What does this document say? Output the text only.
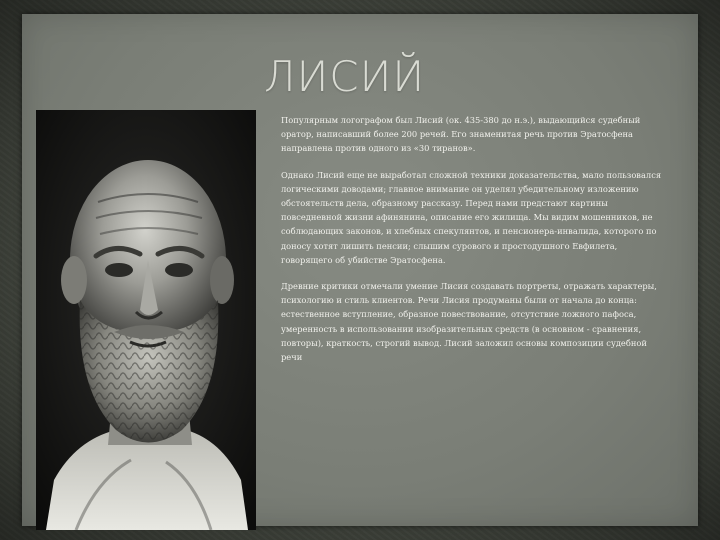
ЛИСИЙ

Популярным логографом был Лисий (ок. 435-380 до н.э.), выдающийся судебный оратор, написавший более 200 речей. Его знаменитая речь против Эратосфена направлена против одного из «30 тиранов».

Однако Лисий еще не выработал сложной техники доказательства, мало пользовался логическими доводами; главное внимание он уделял убедительному изложению обстоятельств дела, образному рассказу. Перед нами предстают картины повседневной жизни афинянина, описание его жилища. Мы видим мошенников, не соблюдающих законов, и хлебных спекулянтов, и пенсионера-инвалида, которого по доносу хотят лишить пенсии; слышим сурового и простодушного Евфилета, говорящего об убийстве Эратосфена.

Древние критики отмечали умение Лисия создавать портреты, отражать характеры, психологию и стиль клиентов. Речи Лисия продуманы были от начала до конца: естественное вступление, образное повествование, отсутствие ложного пафоса, умеренность в использовании изобразительных средств (в основном - сравнения, повторы), краткость, строгий вывод. Лисий заложил основы композиции судебной речи
